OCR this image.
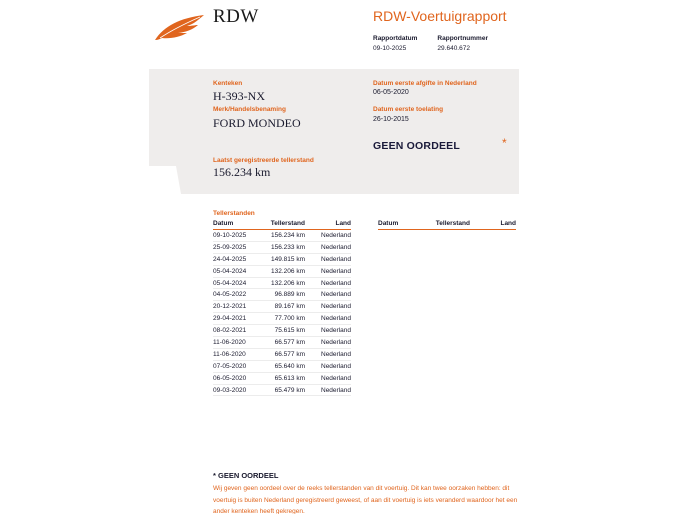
RDW	RDW-Voertuigrapport
Rapportdatum
09-10-2025
Rapportnummer
29.640.672
Kenteken
H-393-NX
Merk/Handelsbenaming
FORD MONDEO
Laatst geregistreerde tellerstand
156.234 km
Datum eerste afgifte in Nederland
06-05-2020
Datum eerste toelating
26-10-2015
GEEN OORDEEL	*
Tellerstanden
Datum	Tellerstand	Land
09-10-2025	156.234 km	Nederland
25-09-2025	156.233 km	Nederland
24-04-2025	149.815 km	Nederland
05-04-2024	132.206 km	Nederland
05-04-2024	132.206 km	Nederland
04-05-2022	96.889 km	Nederland
20-12-2021	89.167 km	Nederland
29-04-2021	77.700 km	Nederland
08-02-2021	75.615 km	Nederland
11-06-2020	66.577 km	Nederland
11-06-2020	66.577 km	Nederland
07-05-2020	65.640 km	Nederland
06-05-2020	65.613 km	Nederland
09-03-2020	65.479 km	Nederland
Datum	Tellerstand	Land
* GEEN OORDEEL
Wij geven geen oordeel over de reeks tellerstanden van dit voertuig. Dit kan twee oorzaken hebben: dit voertuig is buiten Nederland geregistreerd geweest, of aan dit voertuig is iets veranderd waardoor het een ander kenteken heeft gekregen.
